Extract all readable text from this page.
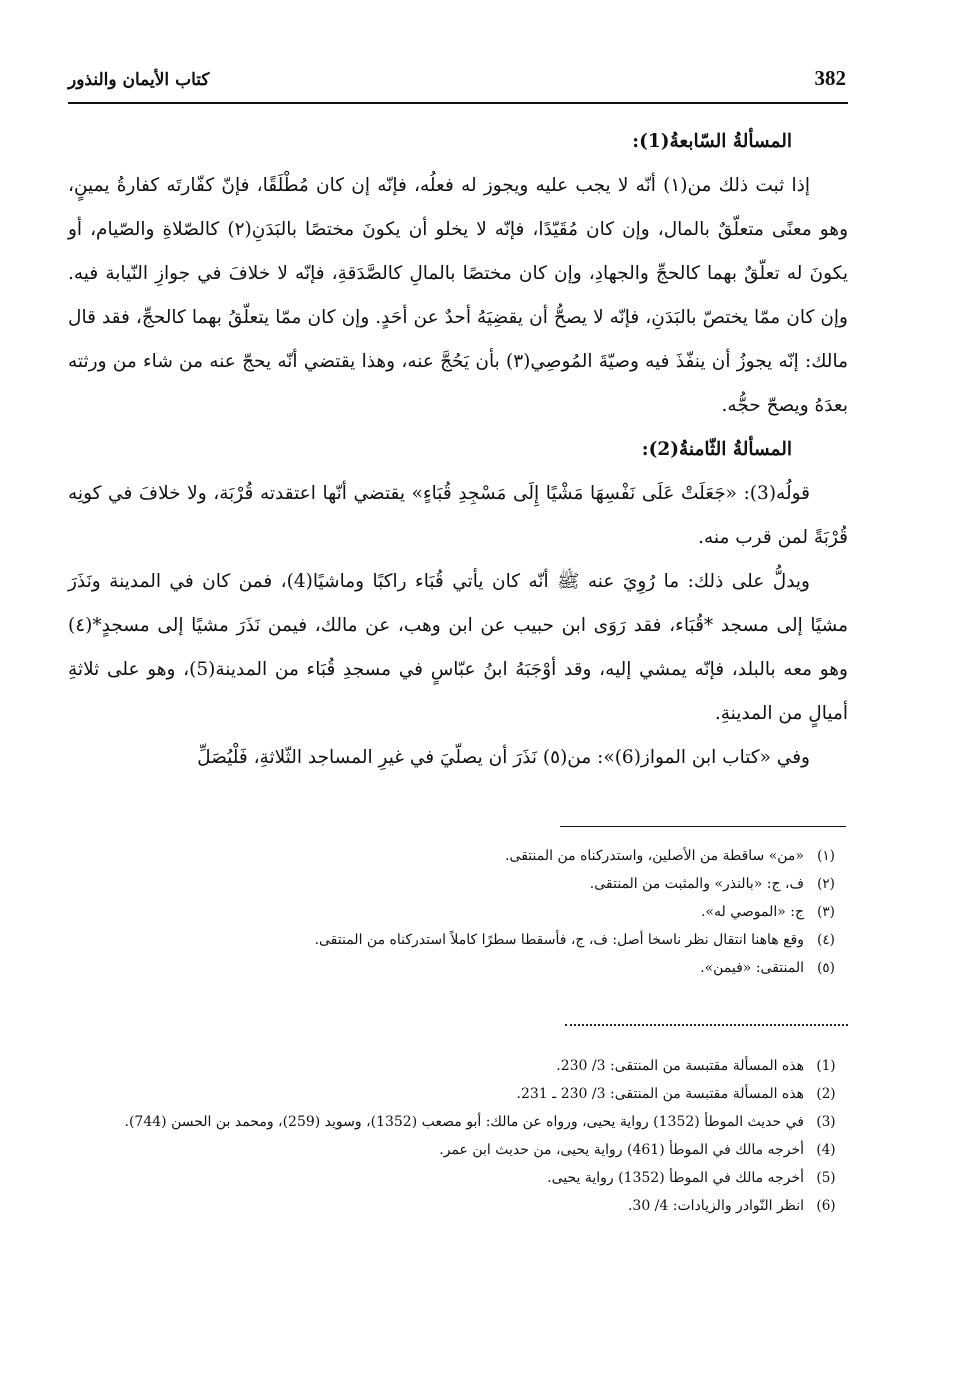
382
كتاب الأيمان والنذور

المسألةُ السّابعةُ(1):

إذا ثبت ذلك من(١) أنّه لا يجب عليه ويجوز له فعلُه، فإنّه إن كان مُطْلَقًا، فإنّ كفّارتَه كفارةُ يمينٍ، وهو معنًى متعلّقٌ بالمال، وإن كان مُقَيّدًا، فإنّه لا يخلو أن يكونَ مختصًا بالبَدَنِ(٢) كالصّلاةِ والصّيام، أو يكونَ له تعلّقٌ بهما كالحجِّ والجهادِ، وإن كان مختصًا بالمالِ كالصَّدَقةِ، فإنّه لا خلافَ في جوازِ النّيابة فيه. وإن كان ممّا يختصّ بالبَدَنِ، فإنّه لا يصحُّ أن يقضِيَهُ أحدٌ عن أحَدٍ. وإن كان ممّا يتعلّقُ بهما كالحجِّ، فقد قال مالك: إنّه يجوزُ أن ينفّذَ فيه وصيّةَ المُوصِي(٣) بأن يَحُجَّ عنه، وهذا يقتضي أنّه يحجّ عنه من شاء من ورثته بعدَهُ ويصحّ حجُّه.

المسألةُ الثّامنةُ(2):

قولُه(3): «جَعَلَتْ عَلَى نَفْسِهَا مَشْيًا إِلَى مَسْجِدِ قُبَاءٍ» يقتضي أنّها اعتقدته قُرْبَة، ولا خلافَ في كونِه قُرْبَةً لمن قرب منه.

ويدلُّ على ذلك: ما رُوِيَ عنه ﷺ أنّه كان يأتي قُبَاء راكبًا وماشيًا(4)، فمن كان في المدينة ونَذَرَ مشيًا إلى مسجد *قُبَاء، فقد رَوَى ابن حبيب عن ابن وهب، عن مالك، فيمن نَذَرَ مشيًا إلى مسجدٍ*(٤) وهو معه بالبلد، فإنّه يمشي إليه، وقد أوْجَبَهُ ابنُ عبّاسٍ في مسجدِ قُبَاء من المدينة(5)، وهو على ثلاثةِ أميالٍ من المدينةِ.

وفي «كتاب ابن المواز(6)»: من(٥) نَذَرَ أن يصلّيَ في غيرِ المساجد الثّلاثةِ، فَلْيُصَلِّ

(١)
«من» ساقطة من الأصلين، واستدركناه من المنتقى.
(٢)
ف، ج: «بالنذر» والمثبت من المنتقى.
(٣)
ج: «الموصي له».
(٤)
وقع هاهنا انتقال نظر ناسخا أصل: ف، ج، فأسقطا سطرًا كاملاً استدركناه من المنتقى.
(٥)
المنتقى: «فيمن».
(1)
هذه المسألة مقتبسة من المنتقى: 3/ 230.
(2)
هذه المسألة مقتبسة من المنتقى: 3/ 230 ـ 231.
(3)
في حديث الموطأ (1352) رواية يحيى، ورواه عن مالك: أبو مصعب (1352)، وسويد (259)، ومحمد بن الحسن (744).
(4)
أخرجه مالك في الموطأ (461) رواية يحيى، من حديث ابن عمر.
(5)
أخرجه مالك في الموطأ (1352) رواية يحيى.
(6)
انظر النّوادر والزيادات: 4/ 30.
